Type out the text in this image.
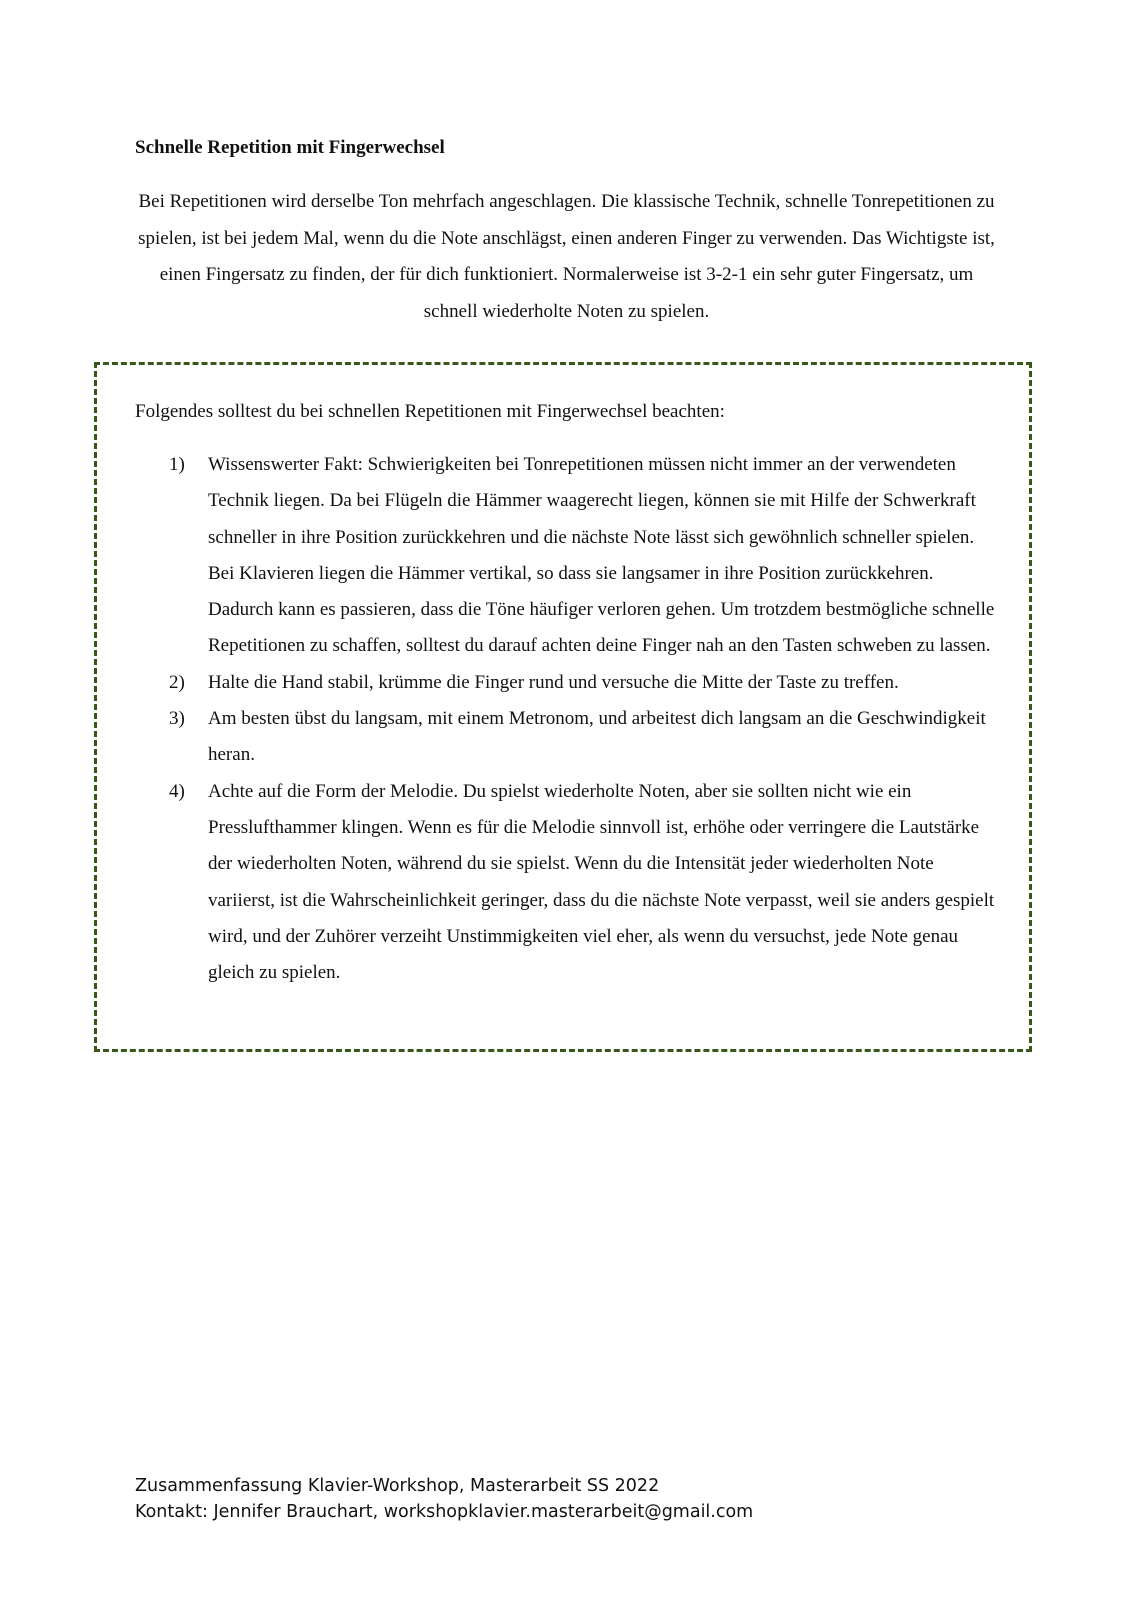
Schnelle Repetition mit Fingerwechsel

Bei Repetitionen wird derselbe Ton mehrfach angeschlagen. Die klassische Technik, schnelle Tonrepetitionen zu spielen, ist bei jedem Mal, wenn du die Note anschlägst, einen anderen Finger zu verwenden. Das Wichtigste ist, einen Fingersatz zu finden, der für dich funktioniert. Normalerweise ist 3-2-1 ein sehr guter Fingersatz, um schnell wiederholte Noten zu spielen.

Folgendes solltest du bei schnellen Repetitionen mit Fingerwechsel beachten:

1) Wissenswerter Fakt: Schwierigkeiten bei Tonrepetitionen müssen nicht immer an der verwendeten Technik liegen. Da bei Flügeln die Hämmer waagerecht liegen, können sie mit Hilfe der Schwerkraft schneller in ihre Position zurückkehren und die nächste Note lässt sich gewöhnlich schneller spielen. Bei Klavieren liegen die Hämmer vertikal, so dass sie langsamer in ihre Position zurückkehren. Dadurch kann es passieren, dass die Töne häufiger verloren gehen. Um trotzdem bestmögliche schnelle Repetitionen zu schaffen, solltest du darauf achten deine Finger nah an den Tasten schweben zu lassen.
2) Halte die Hand stabil, krümme die Finger rund und versuche die Mitte der Taste zu treffen.
3) Am besten übst du langsam, mit einem Metronom, und arbeitest dich langsam an die Geschwindigkeit heran.
4) Achte auf die Form der Melodie. Du spielst wiederholte Noten, aber sie sollten nicht wie ein Presslufthammer klingen. Wenn es für die Melodie sinnvoll ist, erhöhe oder verringere die Lautstärke der wiederholten Noten, während du sie spielst. Wenn du die Intensität jeder wiederholten Note variierst, ist die Wahrscheinlichkeit geringer, dass du die nächste Note verpasst, weil sie anders gespielt wird, und der Zuhörer verzeiht Unstimmigkeiten viel eher, als wenn du versuchst, jede Note genau gleich zu spielen.
Zusammenfassung Klavier-Workshop, Masterarbeit SS 2022
Kontakt: Jennifer Brauchart, workshopklavier.masterarbeit@gmail.com
